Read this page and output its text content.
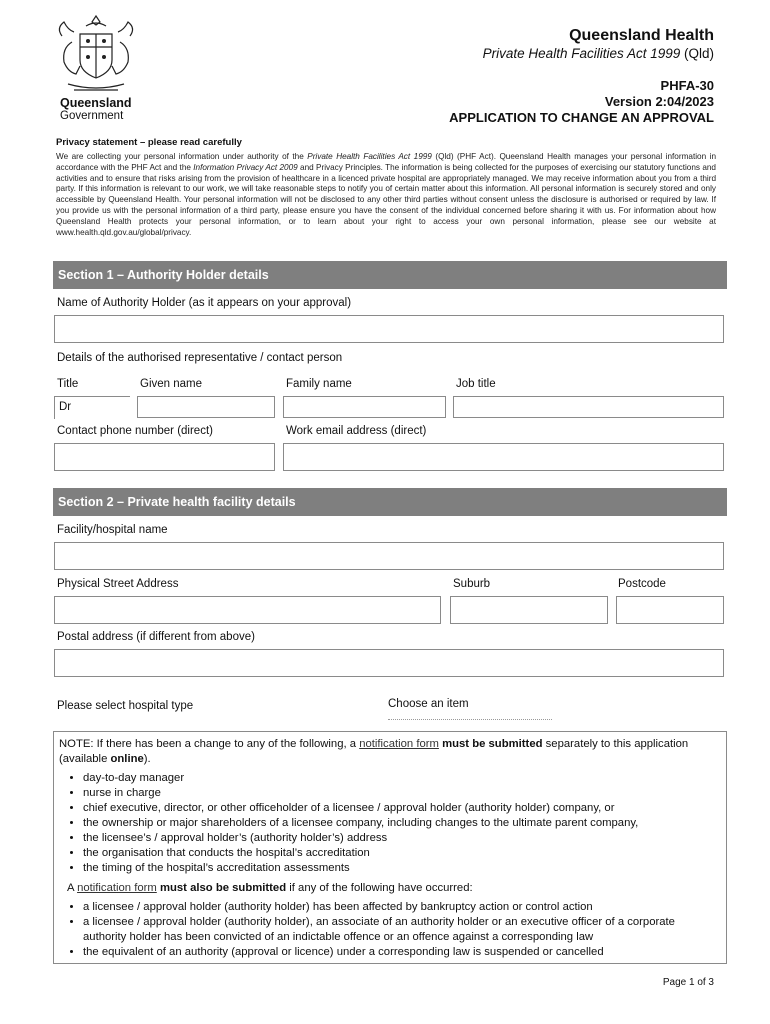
Queensland
Government
Queensland Health
Private Health Facilities Act 1999 (Qld)
PHFA-30
Version 2:04/2023
APPLICATION TO CHANGE AN APPROVAL
Privacy statement – please read carefully
We are collecting your personal information under authority of the Private Health Facilities Act 1999 (Qld) (PHF Act). Queensland Health manages your personal information in accordance with the PHF Act and the Information Privacy Act 2009 and Privacy Principles. The information is being collected for the purposes of exercising our statutory functions and activities and to ensure that risks arising from the provision of healthcare in a licenced private hospital are appropriately managed. We may receive information about you from a third party. If this information is relevant to our work, we will take reasonable steps to notify you of certain matter about this information. All personal information is securely stored and only accessible by Queensland Health. Your personal information will not be disclosed to any other third parties without consent unless the disclosure is authorised or required by law. If you provide us with the personal information of a third party, please ensure you have the consent of the individual concerned before sharing it with us. For information about how Queensland Health protects your personal information, or to learn about your right to access your own personal information, please see our website at www.health.qld.gov.au/global/privacy.
Section 1 – Authority Holder details
Name of Authority Holder (as it appears on your approval)
Details of the authorised representative / contact person
Title	Given name	Family name	Job title
Dr
Contact phone number (direct)	Work email address (direct)
Section 2 – Private health facility details
Facility/hospital name
Physical Street Address	Suburb	Postcode
Postal address (if different from above)
Please select hospital type	Choose an item

NOTE: If there has been a change to any of the following, a notification form must be submitted separately to this application (available online).

• day-to-day manager
• nurse in charge
• chief executive, director, or other officeholder of a licensee / approval holder (authority holder) company, or
• the ownership or major shareholders of a licensee company, including changes to the ultimate parent company,
• the licensee’s / approval holder’s (authority holder’s) address
• the organisation that conducts the hospital’s accreditation
• the timing of the hospital’s accreditation assessments

A notification form must also be submitted if any of the following have occurred:

• a licensee / approval holder (authority holder) has been affected by bankruptcy action or control action
• a licensee / approval holder (authority holder), an associate of an authority holder or an executive officer of a corporate authority holder has been convicted of an indictable offence or an offence against a corresponding law
• the equivalent of an authority (approval or licence) under a corresponding law is suspended or cancelled
Page 1 of 3
